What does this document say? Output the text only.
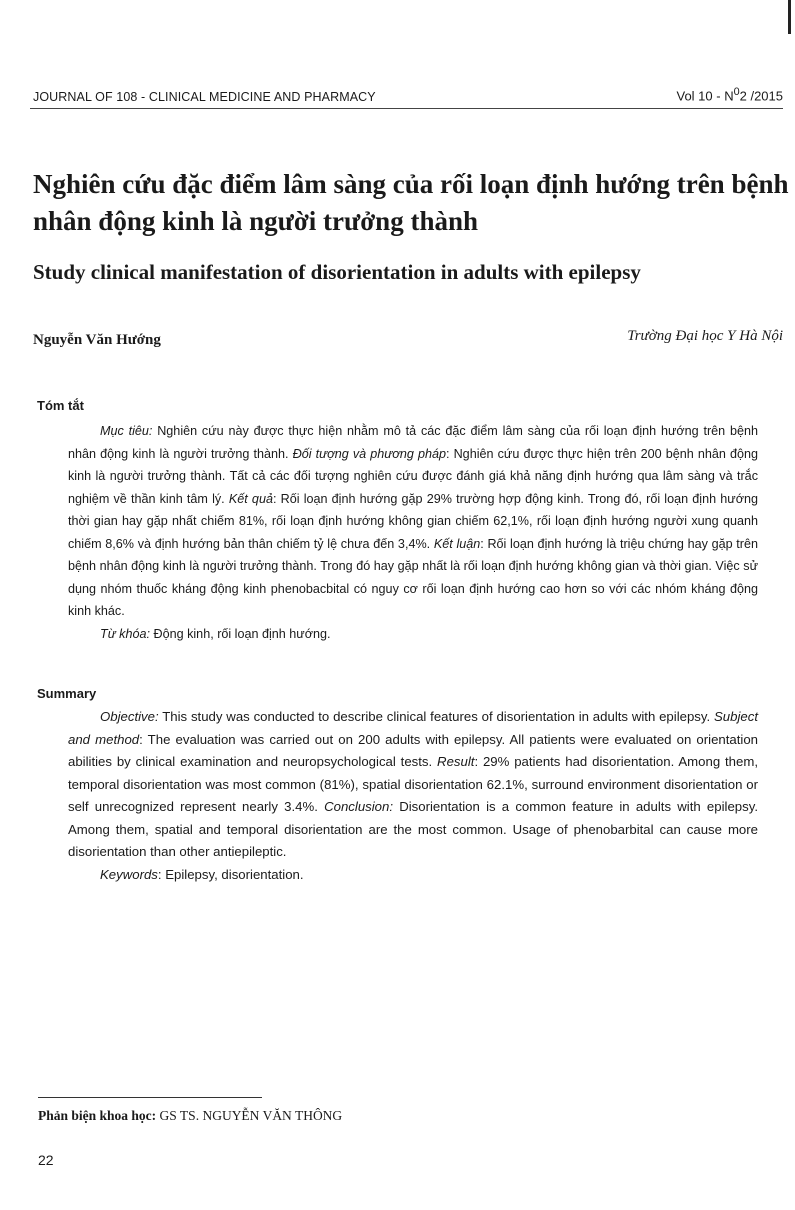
JOURNAL OF 108 - CLINICAL MEDICINE AND PHARMACY	Vol $10 - N^02$ /2015
Nghiên cứu đặc điểm lâm sàng của rối loạn định hướng trên bệnh nhân động kinh là người trưởng thành
Study clinical manifestation of disorientation in adults with epilepsy
Nguyễn Văn Hướng	Trường Đại học Y Hà Nội
Tóm tắt

Mục tiêu: Nghiên cứu này được thực hiện nhằm mô tả các đặc điểm lâm sàng của rối loạn định hướng trên bệnh nhân động kinh là người trưởng thành. Đối tượng và phương pháp: Nghiên cứu được thực hiện trên 200 bệnh nhân động kinh là người trưởng thành. Tất cả các đối tượng nghiên cứu được đánh giá khả năng định hướng qua lâm sàng và trắc nghiệm về thần kinh tâm lý. Kết quả: Rối loạn định hướng gặp 29% trường hợp động kinh. Trong đó, rối loạn định hướng thời gian hay gặp nhất chiếm 81%, rối loạn định hướng không gian chiếm 62,1%, rối loạn định hướng người xung quanh chiếm 8,6% và định hướng bản thân chiếm tỷ lệ chưa đến 3,4%. Kết luận: Rối loạn định hướng là triệu chứng hay gặp trên bệnh nhân động kinh là người trưởng thành. Trong đó hay gặp nhất là rối loạn định hướng không gian và thời gian. Việc sử dụng nhóm thuốc kháng động kinh phenobacbital có nguy cơ rối loạn định hướng cao hơn so với các nhóm kháng động kinh khác.

Từ khóa: Động kinh, rối loạn định hướng.

Summary

Objective: This study was conducted to describe clinical features of disorientation in adults with epilepsy. Subject and method: The evaluation was carried out on 200 adults with epilepsy. All patients were evaluated on orientation abilities by clinical examination and neuropsychological tests. Result: 29% patients had disorientation. Among them, temporal disorientation was most common (81%), spatial disorientation 62.1%, surround environment disorientation or self unrecognized represent nearly 3.4%. Conclusion: Disorientation is a common feature in adults with epilepsy. Among them, spatial and temporal disorientation are the most common. Usage of phenobarbital can cause more disorientation than other antiepileptic.

Keywords: Epilepsy, disorientation.

Phản biện khoa học: GS TS. NGUYỄN VĂN THÔNG
22
